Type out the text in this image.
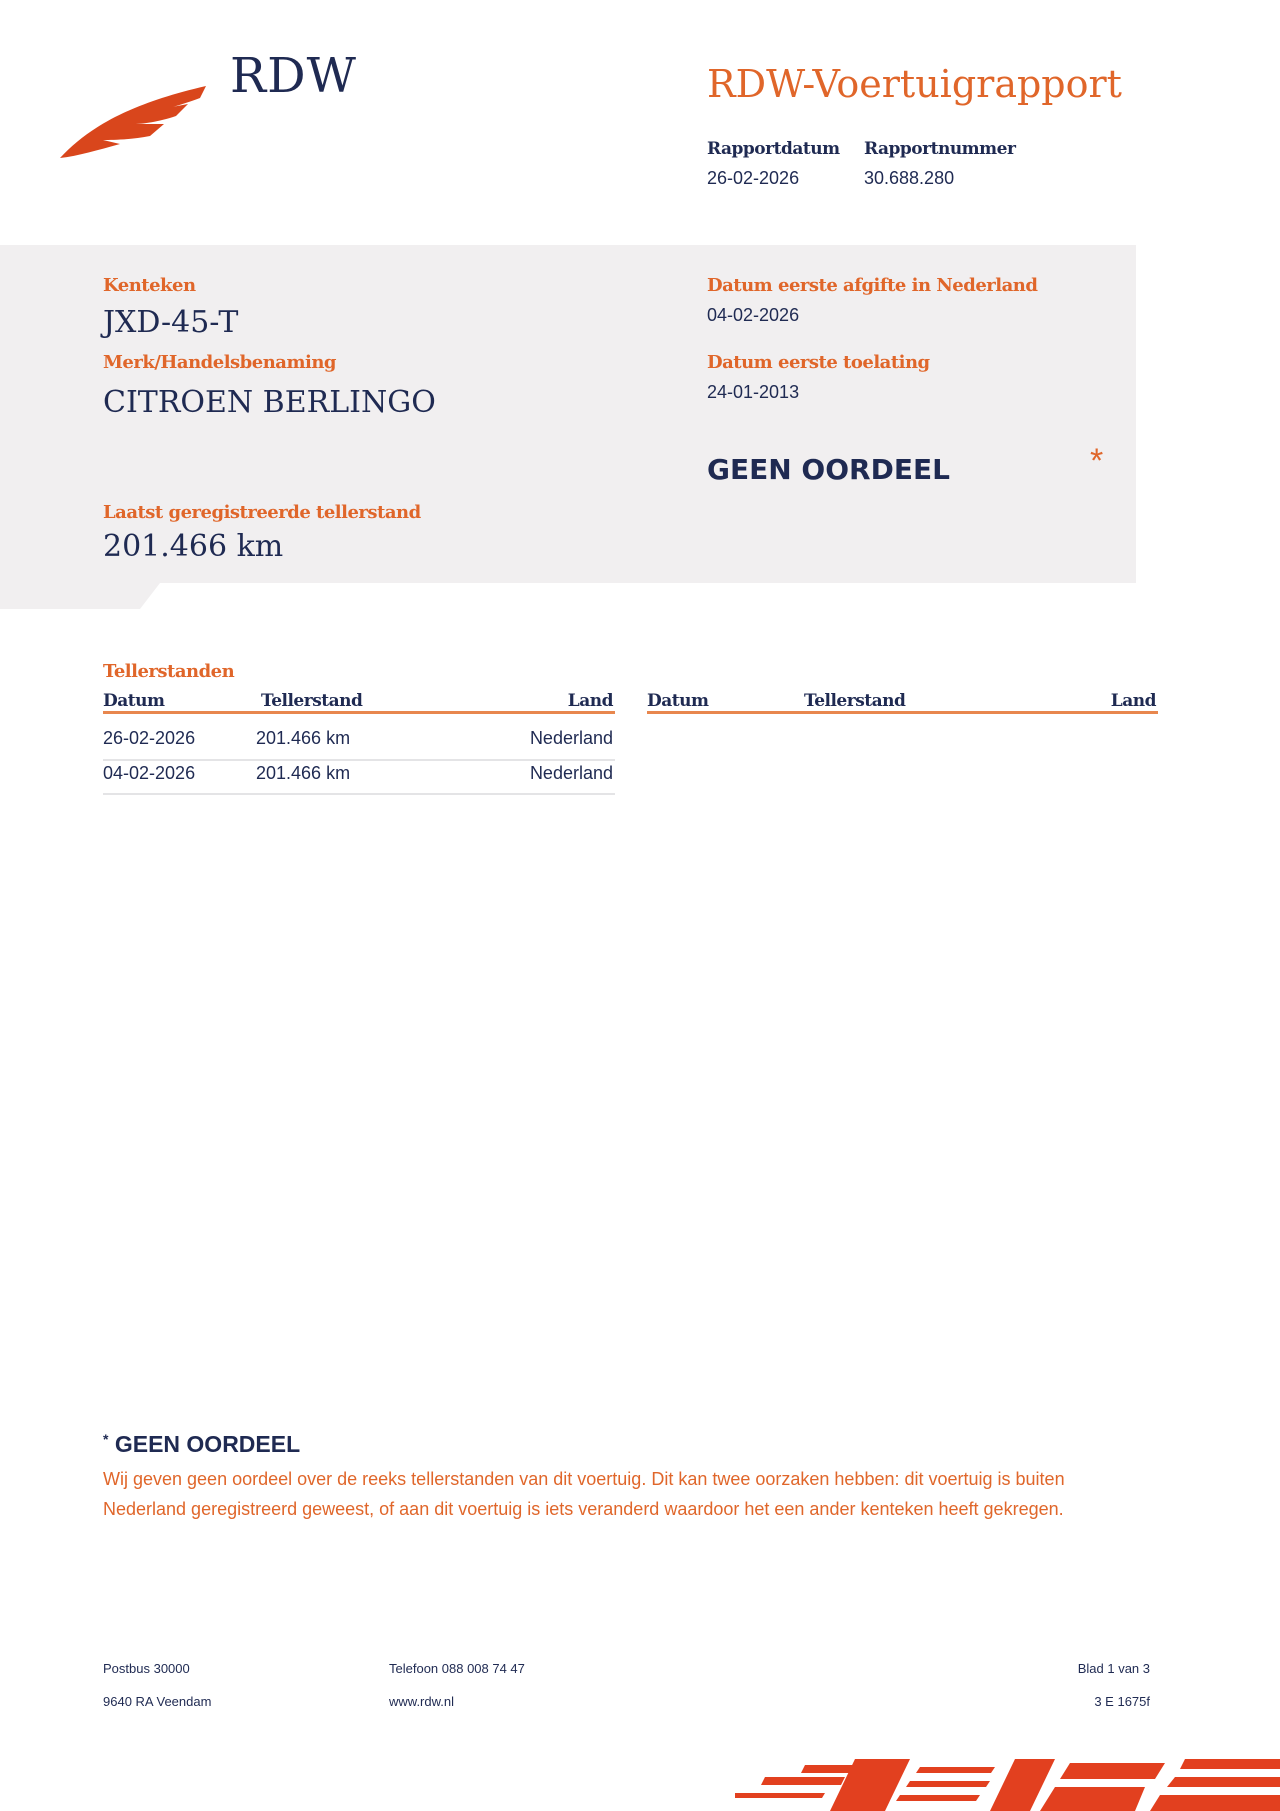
RDW	RDW-Voertuigrapport
Rapportdatum
26-02-2026
Rapportnummer
30.688.280
Kenteken
JXD-45-T
Merk/Handelsbenaming
CITROEN BERLINGO
Laatst geregistreerde tellerstand
201.466 km
Datum eerste afgifte in Nederland
04-02-2026
Datum eerste toelating
24-01-2013
GEEN OORDEEL	*
Tellerstanden
Datum	Tellerstand	Land
26-02-2026	201.466 km	Nederland
04-02-2026	201.466 km	Nederland
Datum	Tellerstand	Land
* GEEN OORDEEL
Wij geven geen oordeel over de reeks tellerstanden van dit voertuig. Dit kan twee oorzaken hebben: dit voertuig is buiten Nederland geregistreerd geweest, of aan dit voertuig is iets veranderd waardoor het een ander kenteken heeft gekregen.
Postbus 30000
9640 RA Veendam
Telefoon 088 008 74 47
www.rdw.nl
Blad 1 van 3
3 E 1675f
